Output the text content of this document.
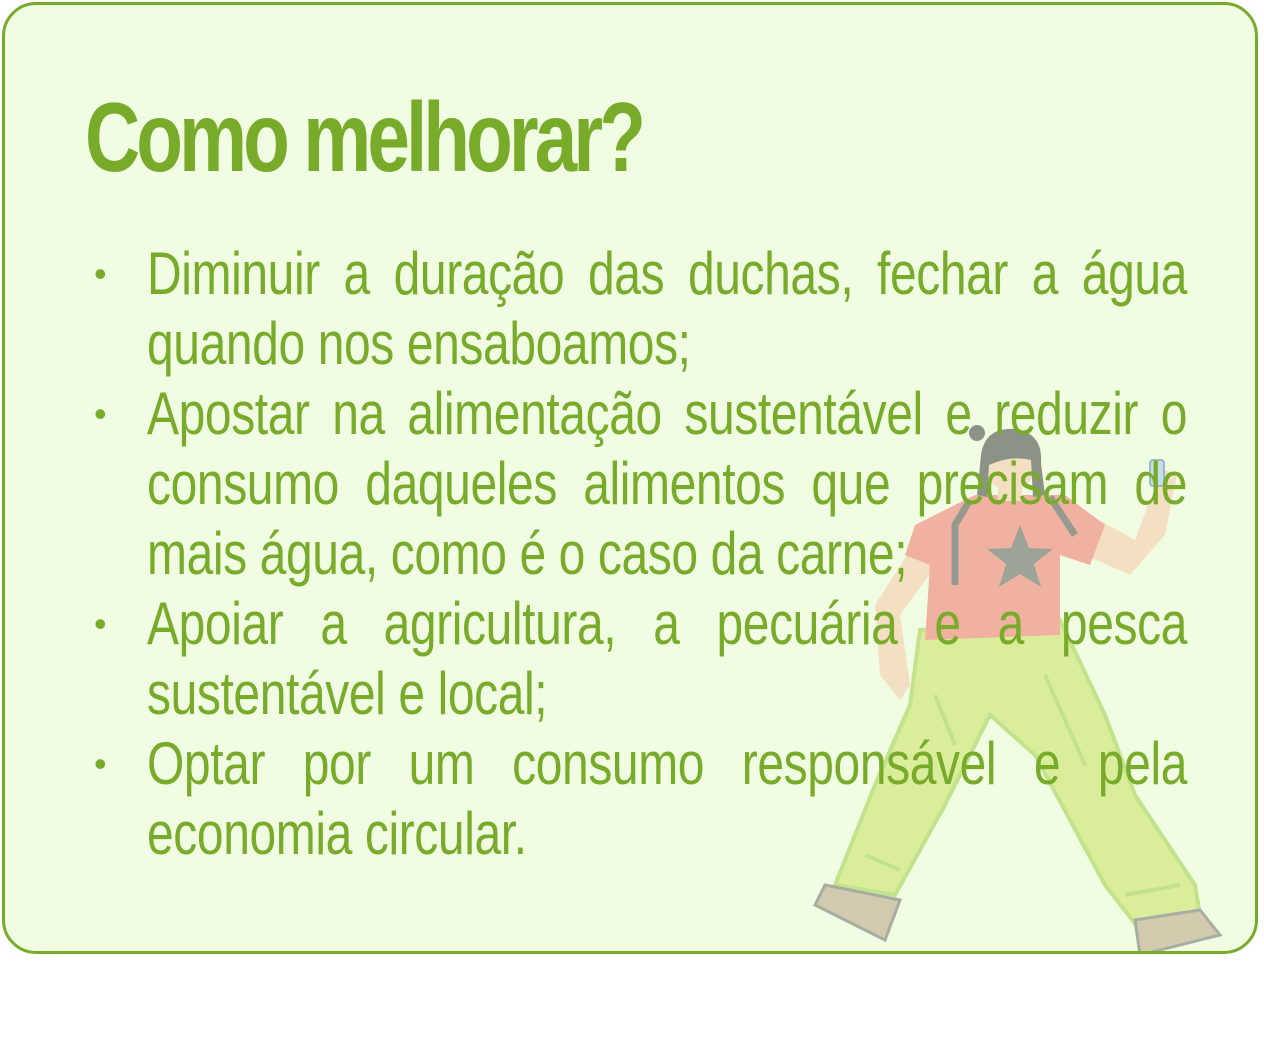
Como melhorar?
• Diminuir a duração das duchas, fechar a água quando nos ensaboamos;
• Apostar na alimentação sustentável e reduzir o consumo daqueles alimentos que precisam de mais água, como é o caso da carne;
• Apoiar a agricultura, a pecuária e a pesca sustentável e local;
• Optar por um consumo responsável e pela economia circular.
